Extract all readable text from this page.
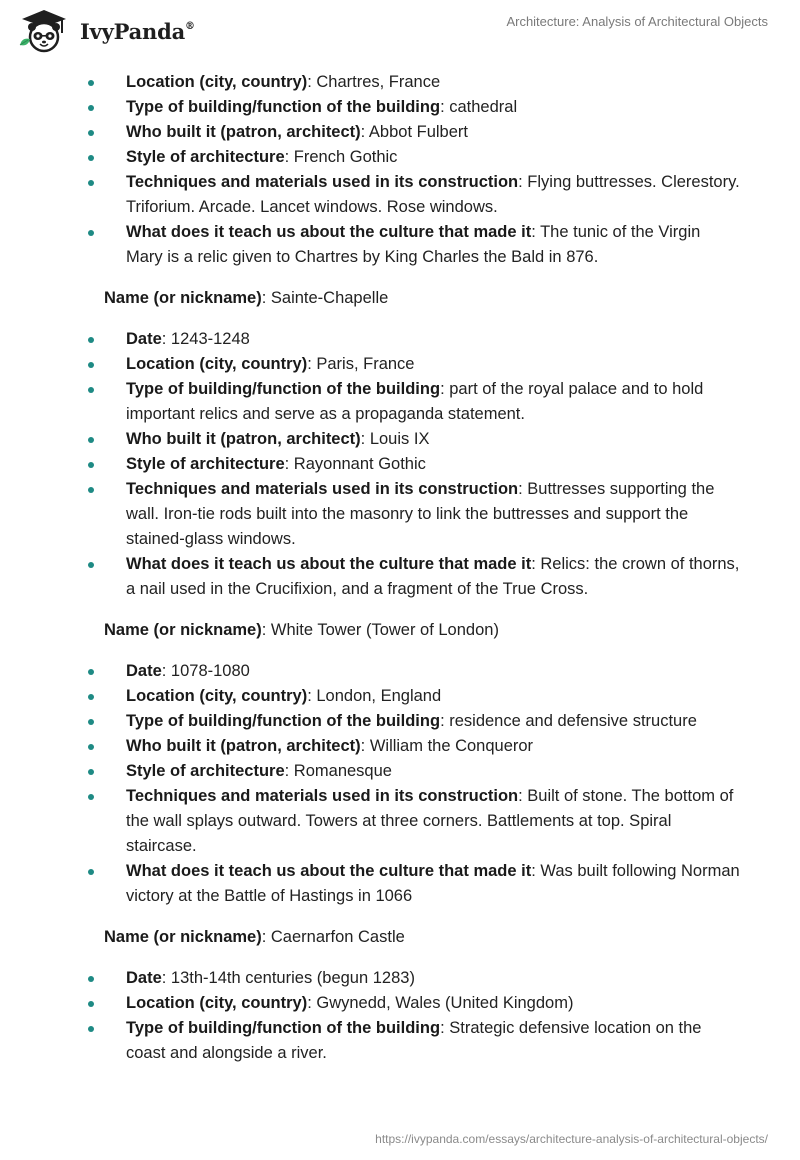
IvyPanda®	Architecture: Analysis of Architectural Objects
Location (city, country): Chartres, France
Type of building/function of the building: cathedral
Who built it (patron, architect): Abbot Fulbert
Style of architecture: French Gothic
Techniques and materials used in its construction: Flying buttresses. Clerestory. Triforium. Arcade. Lancet windows. Rose windows.
What does it teach us about the culture that made it: The tunic of the Virgin Mary is a relic given to Chartres by King Charles the Bald in 876.
Name (or nickname): Sainte-Chapelle
Date: 1243-1248
Location (city, country): Paris, France
Type of building/function of the building: part of the royal palace and to hold important relics and serve as a propaganda statement.
Who built it (patron, architect): Louis IX
Style of architecture: Rayonnant Gothic
Techniques and materials used in its construction: Buttresses supporting the wall. Iron-tie rods built into the masonry to link the buttresses and support the stained-glass windows.
What does it teach us about the culture that made it: Relics: the crown of thorns, a nail used in the Crucifixion, and a fragment of the True Cross.
Name (or nickname): White Tower (Tower of London)
Date: 1078-1080
Location (city, country): London, England
Type of building/function of the building: residence and defensive structure
Who built it (patron, architect): William the Conqueror
Style of architecture: Romanesque
Techniques and materials used in its construction: Built of stone. The bottom of the wall splays outward. Towers at three corners. Battlements at top. Spiral staircase.
What does it teach us about the culture that made it: Was built following Norman victory at the Battle of Hastings in 1066
Name (or nickname): Caernarfon Castle
Date: 13th-14th centuries (begun 1283)
Location (city, country): Gwynedd, Wales (United Kingdom)
Type of building/function of the building: Strategic defensive location on the coast and alongside a river.
https://ivypanda.com/essays/architecture-analysis-of-architectural-objects/
